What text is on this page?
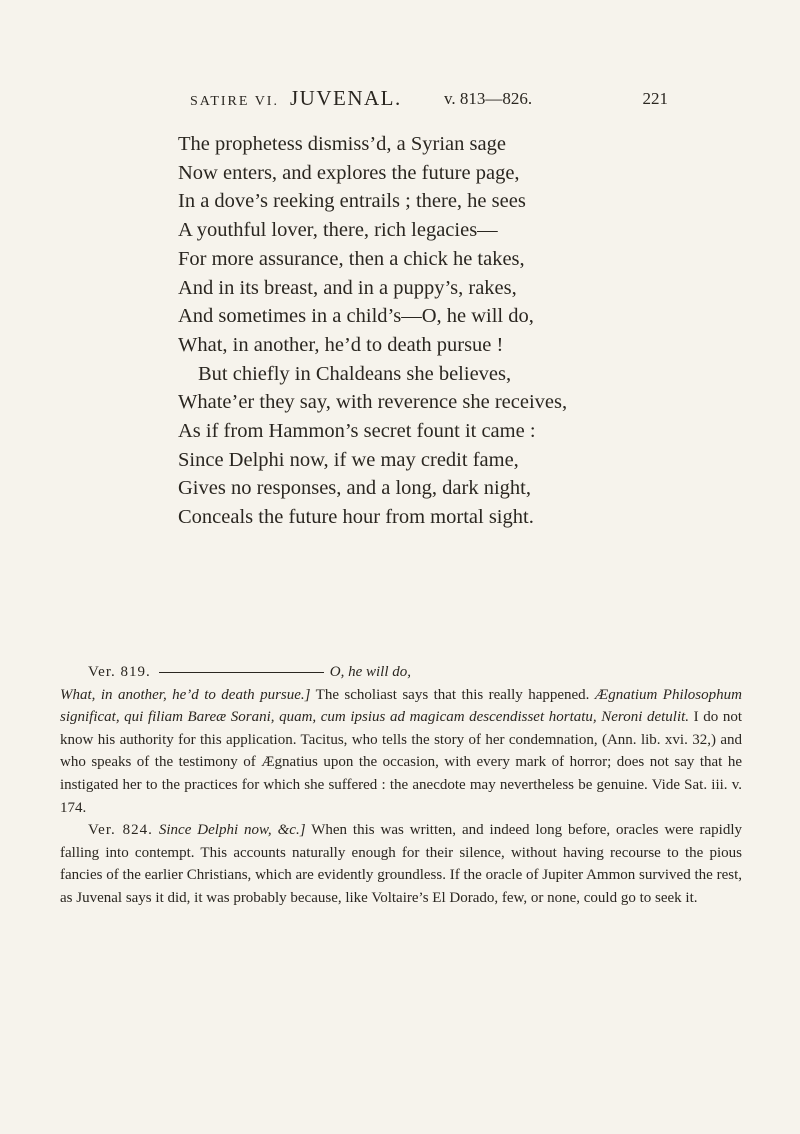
SATIRE VI. JUVENAL. v. 813—826.	221
The prophetess dismiss’d, a Syrian sage
Now enters, and explores the future page,
In a dove’s reeking entrails ; there, he sees
A youthful lover, there, rich legacies—
For more assurance, then a chick he takes,
And in its breast, and in a puppy’s, rakes,
And sometimes in a child’s—O, he will do,
What, in another, he’d to death pursue !
But chiefly in Chaldeans she believes,
Whate’er they say, with reverence she receives,
As if from Hammon’s secret fount it came :
Since Delphi now, if we may credit fame,
Gives no responses, and a long, dark night,
Conceals the future hour from mortal sight.

Ver. 819.	O, he will do,
What, in another, he’d to death pursue.] The scholiast says that this really happened. Ægnatium Philosophum significat, qui filiam Bareæ Sorani, quam, cum ipsius ad magicam descendisset hortatu, Neroni detulit. I do not know his authority for this application. Tacitus, who tells the story of her condemnation, (Ann. lib. xvi. 32,) and who speaks of the testimony of Ægnatius upon the occasion, with every mark of horror; does not say that he instigated her to the practices for which she suffered : the anecdote may nevertheless be genuine. Vide Sat. iii. v. 174.

Ver. 824. Since Delphi now, &c.] When this was written, and indeed long before, oracles were rapidly falling into contempt. This accounts naturally enough for their silence, without having recourse to the pious fancies of the earlier Christians, which are evidently groundless. If the oracle of Jupiter Ammon survived the rest, as Juvenal says it did, it was probably because, like Voltaire’s El Dorado, few, or none, could go to seek it.
